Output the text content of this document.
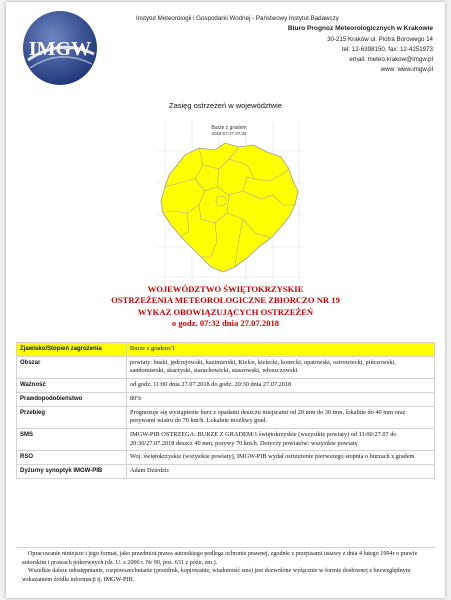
IMGW
Instytut Meteorologii i Gospodarki Wodnej - Państwowy Instytut Badawczy
Biuro Prognoz Meteorologicznych w Krakowie
30-215 Kraków ul. Piotra Borowego 14
tel: 12-6398150, fax: 12-4251973
email: meteo.krakow@imgw.pl
www: www.imgw.pl
Zasięg ostrzeżeń w województwie
Burze z gradem
2018-07-27 07:32
WOJEWÓDZTWO ŚWIĘTOKRZYSKIE
OSTRZEŻENIA METEOROLOGICZNE ZBIORCZO NR 19
WYKAZ OBOWIĄZUJĄCYCH OSTRZEŻEŃ
o godz. 07:32 dnia 27.07.2018
Zjawisko/Stopień zagrożenia	Burze z gradem/1
Obszar	powiaty: buski, jędrzejowski, kazimierski, Kielce, kielecki, konecki, opatowski, ostrowiecki, pińczowski, sandomierski, skarżyski, starachowicki, staszowski, włoszczowski
Ważność	od godz. 11:00 dnia 27.07.2018 do godz. 20:30 dnia 27.07.2018
Prawdopodobieństwo	80%
Przebieg	Prognozuje się wystąpienie burz z opadami deszczu miejscami od 20 mm do 30 mm, lokalnie do 40 mm oraz porywami wiatru do 70 km/h. Lokalnie możliwy grad.
SMS	IMGW-PIB OSTRZEGA: BURZE Z GRADEM/1 świętokrzyskie (wszystkie powiaty) od 11:00/27.07 do 20:30/27.07.2018 deszcz 40 mm, porywy 70 km/h. Dotyczy powiatów: wszystkie powiaty.
RSO	Woj. świętokrzyskie (wszystkie powiaty), IMGW-PIB wydał ostrzeżenie pierwszego stopnia o burzach z gradem
Dyżurny synoptyk IMGW-PIB	Adam Dziedzic

Opracowanie niniejsze i jego format, jako przedmiot prawa autorskiego podlega ochronie prawnej, zgodnie z przepisami ustawy z dnia 4 lutego 1994r o prawie autorskim i prawach pokrewnych (dz. U. z 2006 r. Nr 90, poz. 631 z późn. zm.).

Wszelkie dalsze udostępnianie, rozpowszechnianie (przedruk, kopiowanie, wiadomość sms) jest dozwolone wyłącznie w formie dosłownej z bezwzględnym wskazaniem źródła informacji tj. IMGW-PIB.
